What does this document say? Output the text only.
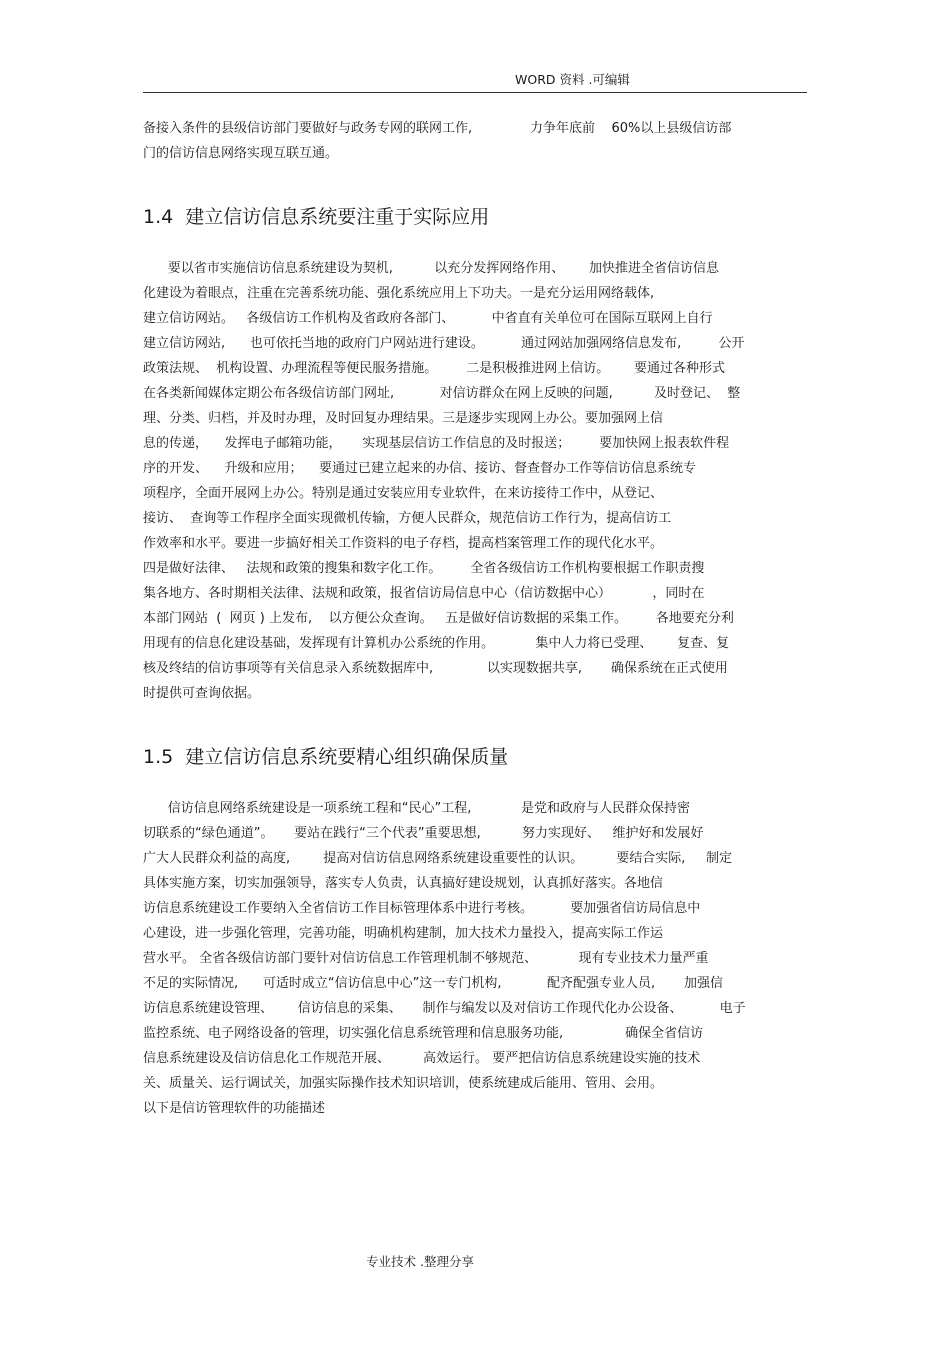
WORD 资料 .可编辑
备接入条件的县级信访部门要做好与政务专网的联网工作,              力争年底前    60%以上县级信访部
门的信访信息网络实现互联互通。
1.4  建立信访信息系统要注重于实际应用
要以省市实施信访信息系统建设为契机,          以充分发挥网络作用、      加快推进全省信访信息
化建设为着眼点，注重在完善系统功能、强化系统应用上下功夫。一是充分运用网络载体,
建立信访网站。   各级信访工作机构及省政府各部门、         中省直有关单位可在国际互联网上自行
建立信访网站,      也可依托当地的政府门户网站进行建设。         通过网站加强网络信息发布,         公开
政策法规、  机构设置、办理流程等便民服务措施。       二是积极推进网上信访。      要通过各种形式
在各类新闻媒体定期公布各级信访部门网址,           对信访群众在网上反映的问题,          及时登记、  整
理、分类、归档，并及时办理，及时回复办理结果。三是逐步实现网上办公。要加强网上信
息的传递，    发挥电子邮箱功能，     实现基层信访工作信息的及时报送；       要加快网上报表软件程
序的开发、    升级和应用；    要通过已建立起来的办信、接访、督查督办工作等信访信息系统专
项程序，全面开展网上办公。特别是通过安装应用专业软件，在来访接待工作中，从登记、
接访、  查询等工作程序全面实现微机传输，方便人民群众，规范信访工作行为，提高信访工
作效率和水平。要进一步搞好相关工作资料的电子存档，提高档案管理工作的现代化水平。
四是做好法律、   法规和政策的搜集和数字化工作。       全省各级信访工作机构要根据工作职责搜
集各地方、各时期相关法律、法规和政策，报省信访局信息中心（信访数据中心）          ，同时在
本部门网站  (  网页 ) 上发布,    以方便公众查询。   五是做好信访数据的采集工作。       各地要充分利
用现有的信息化建设基础，发挥现有计算机办公系统的作用。          集中人力将已受理、      复查、复
核及终结的信访事项等有关信息录入系统数据库中,             以实现数据共享,       确保系统在正式使用
时提供可查询依据。
1.5  建立信访信息系统要精心组织确保质量
信访信息网络系统建设是一项系统工程和“民心”工程,            是党和政府与人民群众保持密
切联系的“绿色通道”。     要站在践行“三个代表”重要思想,          努力实现好、   维护好和发展好
广大人民群众利益的高度,        提高对信访信息网络系统建设重要性的认识。        要结合实际,     制定
具体实施方案，切实加强领导，落实专人负责，认真搞好建设规划，认真抓好落实。各地信
访信息系统建设工作要纳入全省信访工作目标管理体系中进行考核。         要加强省信访局信息中
心建设，进一步强化管理，完善功能，明确机构建制，加大技术力量投入，提高实际工作运
营水平。 全省各级信访部门要针对信访信息工作管理机制不够规范、          现有专业技术力量严重
不足的实际情况,      可适时成立“信访信息中心”这一专门机构,           配齐配强专业人员,       加强信
访信息系统建设管理、      信访信息的采集、     制作与编发以及对信访工作现代化办公设备、         电子
监控系统、电子网络设备的管理，切实强化信息系统管理和信息服务功能,               确保全省信访
信息系统建设及信访信息化工作规范开展、        高效运行。 要严把信访信息系统建设实施的技术
关、质量关、运行调试关，加强实际操作技术知识培训，使系统建成后能用、管用、会用。
以下是信访管理软件的功能描述
专业技术 .整理分享
